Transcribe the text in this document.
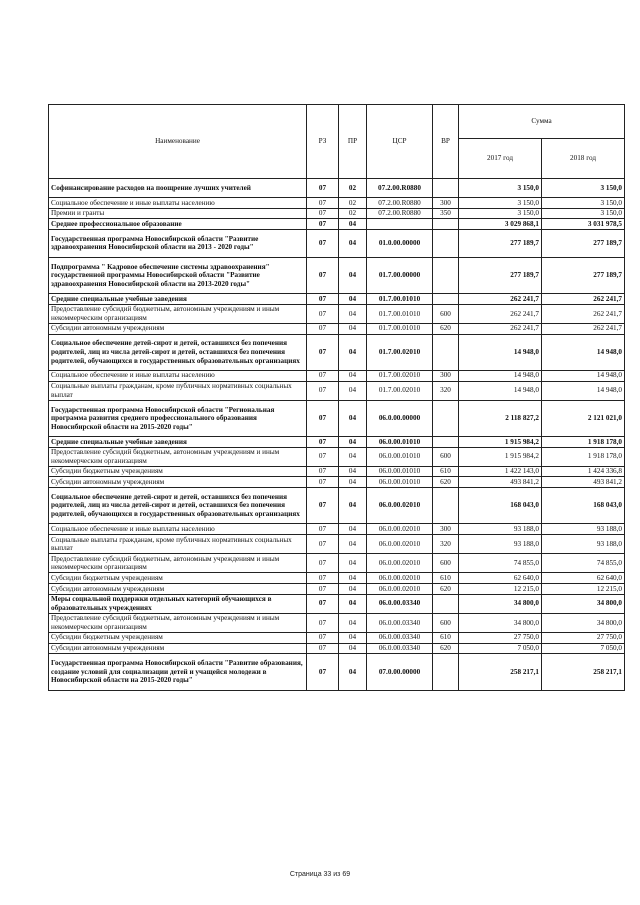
Наименование	РЗ	ПР	ЦСР	ВР	Сумма	
					2017 год	2018 год
Софинансирование расходов на поощрение лучших учителей	07	02	07.2.00.R0880		3 150,0	3 150,0
Социальное обеспечение и иные выплаты населению	07	02	07.2.00.R0880	300	3 150,0	3 150,0
Премии и гранты	07	02	07.2.00.R0880	350	3 150,0	3 150,0
Среднее профессиональное образование	07	04			3 029 868,1	3 031 978,5
Государственная программа Новосибирской области "Развитие здравоохранения Новосибирской области на 2013 - 2020 годы"	07	04	01.0.00.00000		277 189,7	277 189,7
Подпрограмма " Кадровое обеспечение системы здравоохранения" государственной программы Новосибирской области "Развитие здравоохранения Новосибирской области на 2013-2020 годы"	07	04	01.7.00.00000		277 189,7	277 189,7
Средние специальные учебные заведения	07	04	01.7.00.01010		262 241,7	262 241,7
Предоставление субсидий бюджетным, автономным учреждениям и иным некоммерческим организациям	07	04	01.7.00.01010	600	262 241,7	262 241,7
Субсидии автономным учреждениям	07	04	01.7.00.01010	620	262 241,7	262 241,7
Социальное обеспечение детей-сирот и детей, оставшихся без попечения родителей, лиц из числа детей-сирот и детей, оставшихся без попечения родителей, обучающихся в государственных образовательных организациях	07	04	01.7.00.02010		14 948,0	14 948,0
Социальное обеспечение и иные выплаты населению	07	04	01.7.00.02010	300	14 948,0	14 948,0
Социальные выплаты гражданам, кроме публичных нормативных социальных выплат	07	04	01.7.00.02010	320	14 948,0	14 948,0
Государственная программа Новосибирской области "Региональная программа развития среднего профессионального образования Новосибирской области на 2015-2020 годы"	07	04	06.0.00.00000		2 118 827,2	2 121 021,0
Средние специальные учебные заведения	07	04	06.0.00.01010		1 915 984,2	1 918 178,0
Предоставление субсидий бюджетным, автономным учреждениям и иным некоммерческим организациям	07	04	06.0.00.01010	600	1 915 984,2	1 918 178,0
Субсидии бюджетным учреждениям	07	04	06.0.00.01010	610	1 422 143,0	1 424 336,8
Субсидии автономным учреждениям	07	04	06.0.00.01010	620	493 841,2	493 841,2
Социальное обеспечение детей-сирот и детей, оставшихся без попечения родителей, лиц из числа детей-сирот и детей, оставшихся без попечения родителей, обучающихся в государственных образовательных организациях	07	04	06.0.00.02010		168 043,0	168 043,0
Социальное обеспечение и иные выплаты населению	07	04	06.0.00.02010	300	93 188,0	93 188,0
Социальные выплаты гражданам, кроме публичных нормативных социальных выплат	07	04	06.0.00.02010	320	93 188,0	93 188,0
Предоставление субсидий бюджетным, автономным учреждениям и иным некоммерческим организациям	07	04	06.0.00.02010	600	74 855,0	74 855,0
Субсидии бюджетным учреждениям	07	04	06.0.00.02010	610	62 640,0	62 640,0
Субсидии автономным учреждениям	07	04	06.0.00.02010	620	12 215,0	12 215,0
Меры социальной поддержки отдельных категорий обучающихся в образовательных учреждениях	07	04	06.0.00.03340		34 800,0	34 800,0
Предоставление субсидий бюджетным, автономным учреждениям и иным некоммерческим организациям	07	04	06.0.00.03340	600	34 800,0	34 800,0
Субсидии бюджетным учреждениям	07	04	06.0.00.03340	610	27 750,0	27 750,0
Субсидии автономным учреждениям	07	04	06.0.00.03340	620	7 050,0	7 050,0
Государственная программа Новосибирской области "Развитие образования, создание условий для социализации детей и учащейся молодежи в Новосибирской области на 2015-2020 годы"	07	04	07.0.00.00000		258 217,1	258 217,1
Страница 33 из 69
